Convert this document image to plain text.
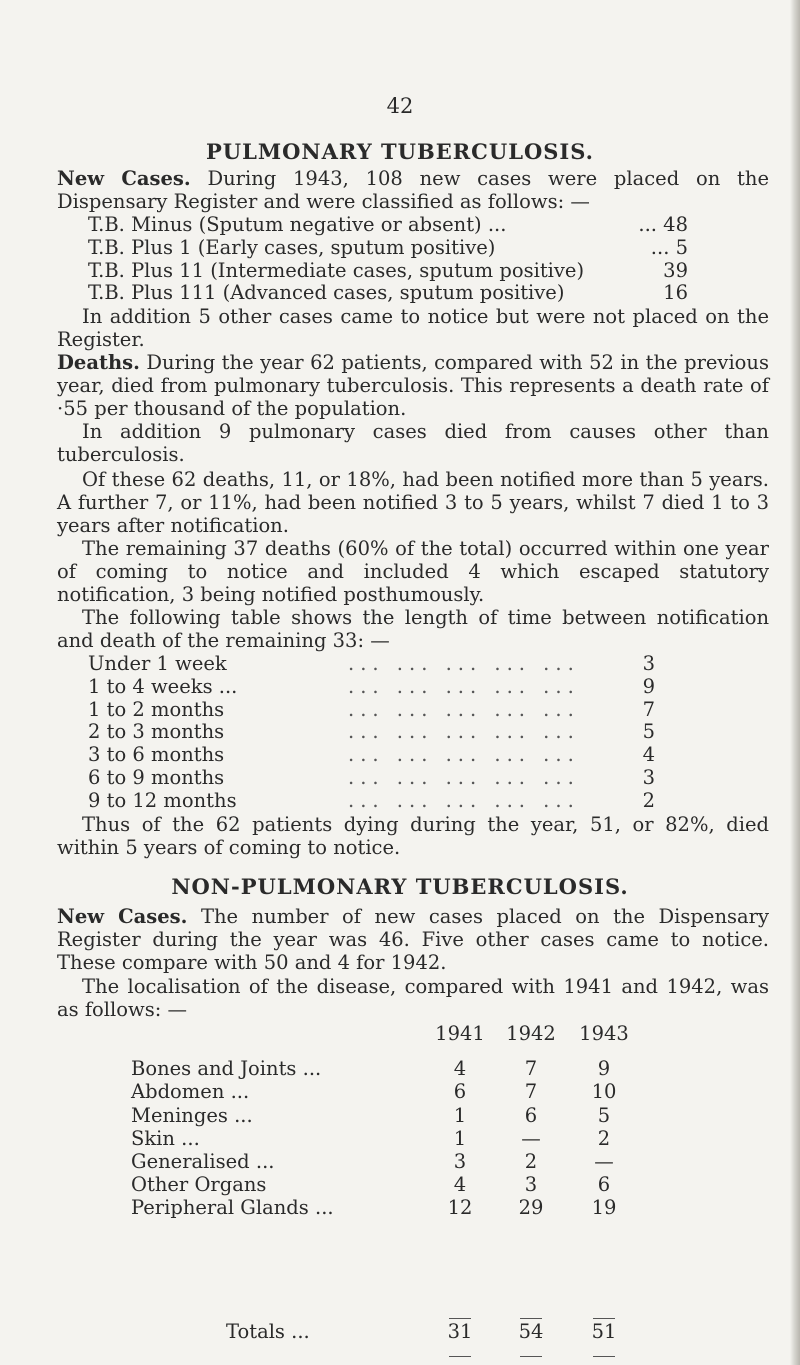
42
PULMONARY TUBERCULOSIS.
New Cases. During 1943, 108 new cases were placed on the Dispensary Register and were classified as follows: —
T.B. Minus (Sputum negative or absent) ...	... 48
T.B. Plus 1 (Early cases, sputum positive)	... 5
T.B. Plus 11 (Intermediate cases, sputum positive)	39
T.B. Plus 111 (Advanced cases, sputum positive)	16
In addition 5 other cases came to notice but were not placed on the Register.
Deaths. During the year 62 patients, compared with 52 in the previous year, died from pulmonary tuberculosis. This represents a death rate of ·55 per thousand of the population.
In addition 9 pulmonary cases died from causes other than tuberculosis.
Of these 62 deaths, 11, or 18%, had been notified more than 5 years. A further 7, or 11%, had been notified 3 to 5 years, whilst 7 died 1 to 3 years after notification.
The remaining 37 deaths (60% of the total) occurred within one year of coming to notice and included 4 which escaped statutory notification, 3 being notified posthumously.
The following table shows the length of time between notification and death of the remaining 33: —
Under 1 week	... ... ... ... ...	3
1 to 4 weeks ...	... ... ... ... ...	9
1 to 2 months	... ... ... ... ...	7
2 to 3 months	... ... ... ... ...	5
3 to 6 months	... ... ... ... ...	4
6 to 9 months	... ... ... ... ...	3
9 to 12 months	... ... ... ... ...	2
Thus of the 62 patients dying during the year, 51, or 82%, died within 5 years of coming to notice.
NON-PULMONARY TUBERCULOSIS.
New Cases. The number of new cases placed on the Dispensary Register during the year was 46. Five other cases came to notice. These compare with 50 and 4 for 1942.
The localisation of the disease, compared with 1941 and 1942, was as follows: —
1941 1942 1943
Bones and Joints ...	4	7	9
Abdomen ...	6	7	10
Meninges ...	1	6	5
Skin ...	1	—	2
Generalised ...	3	2	—
Other Organs	4	3	6
Peripheral Glands ...	12	29	19
Totals ...	31	54	51
